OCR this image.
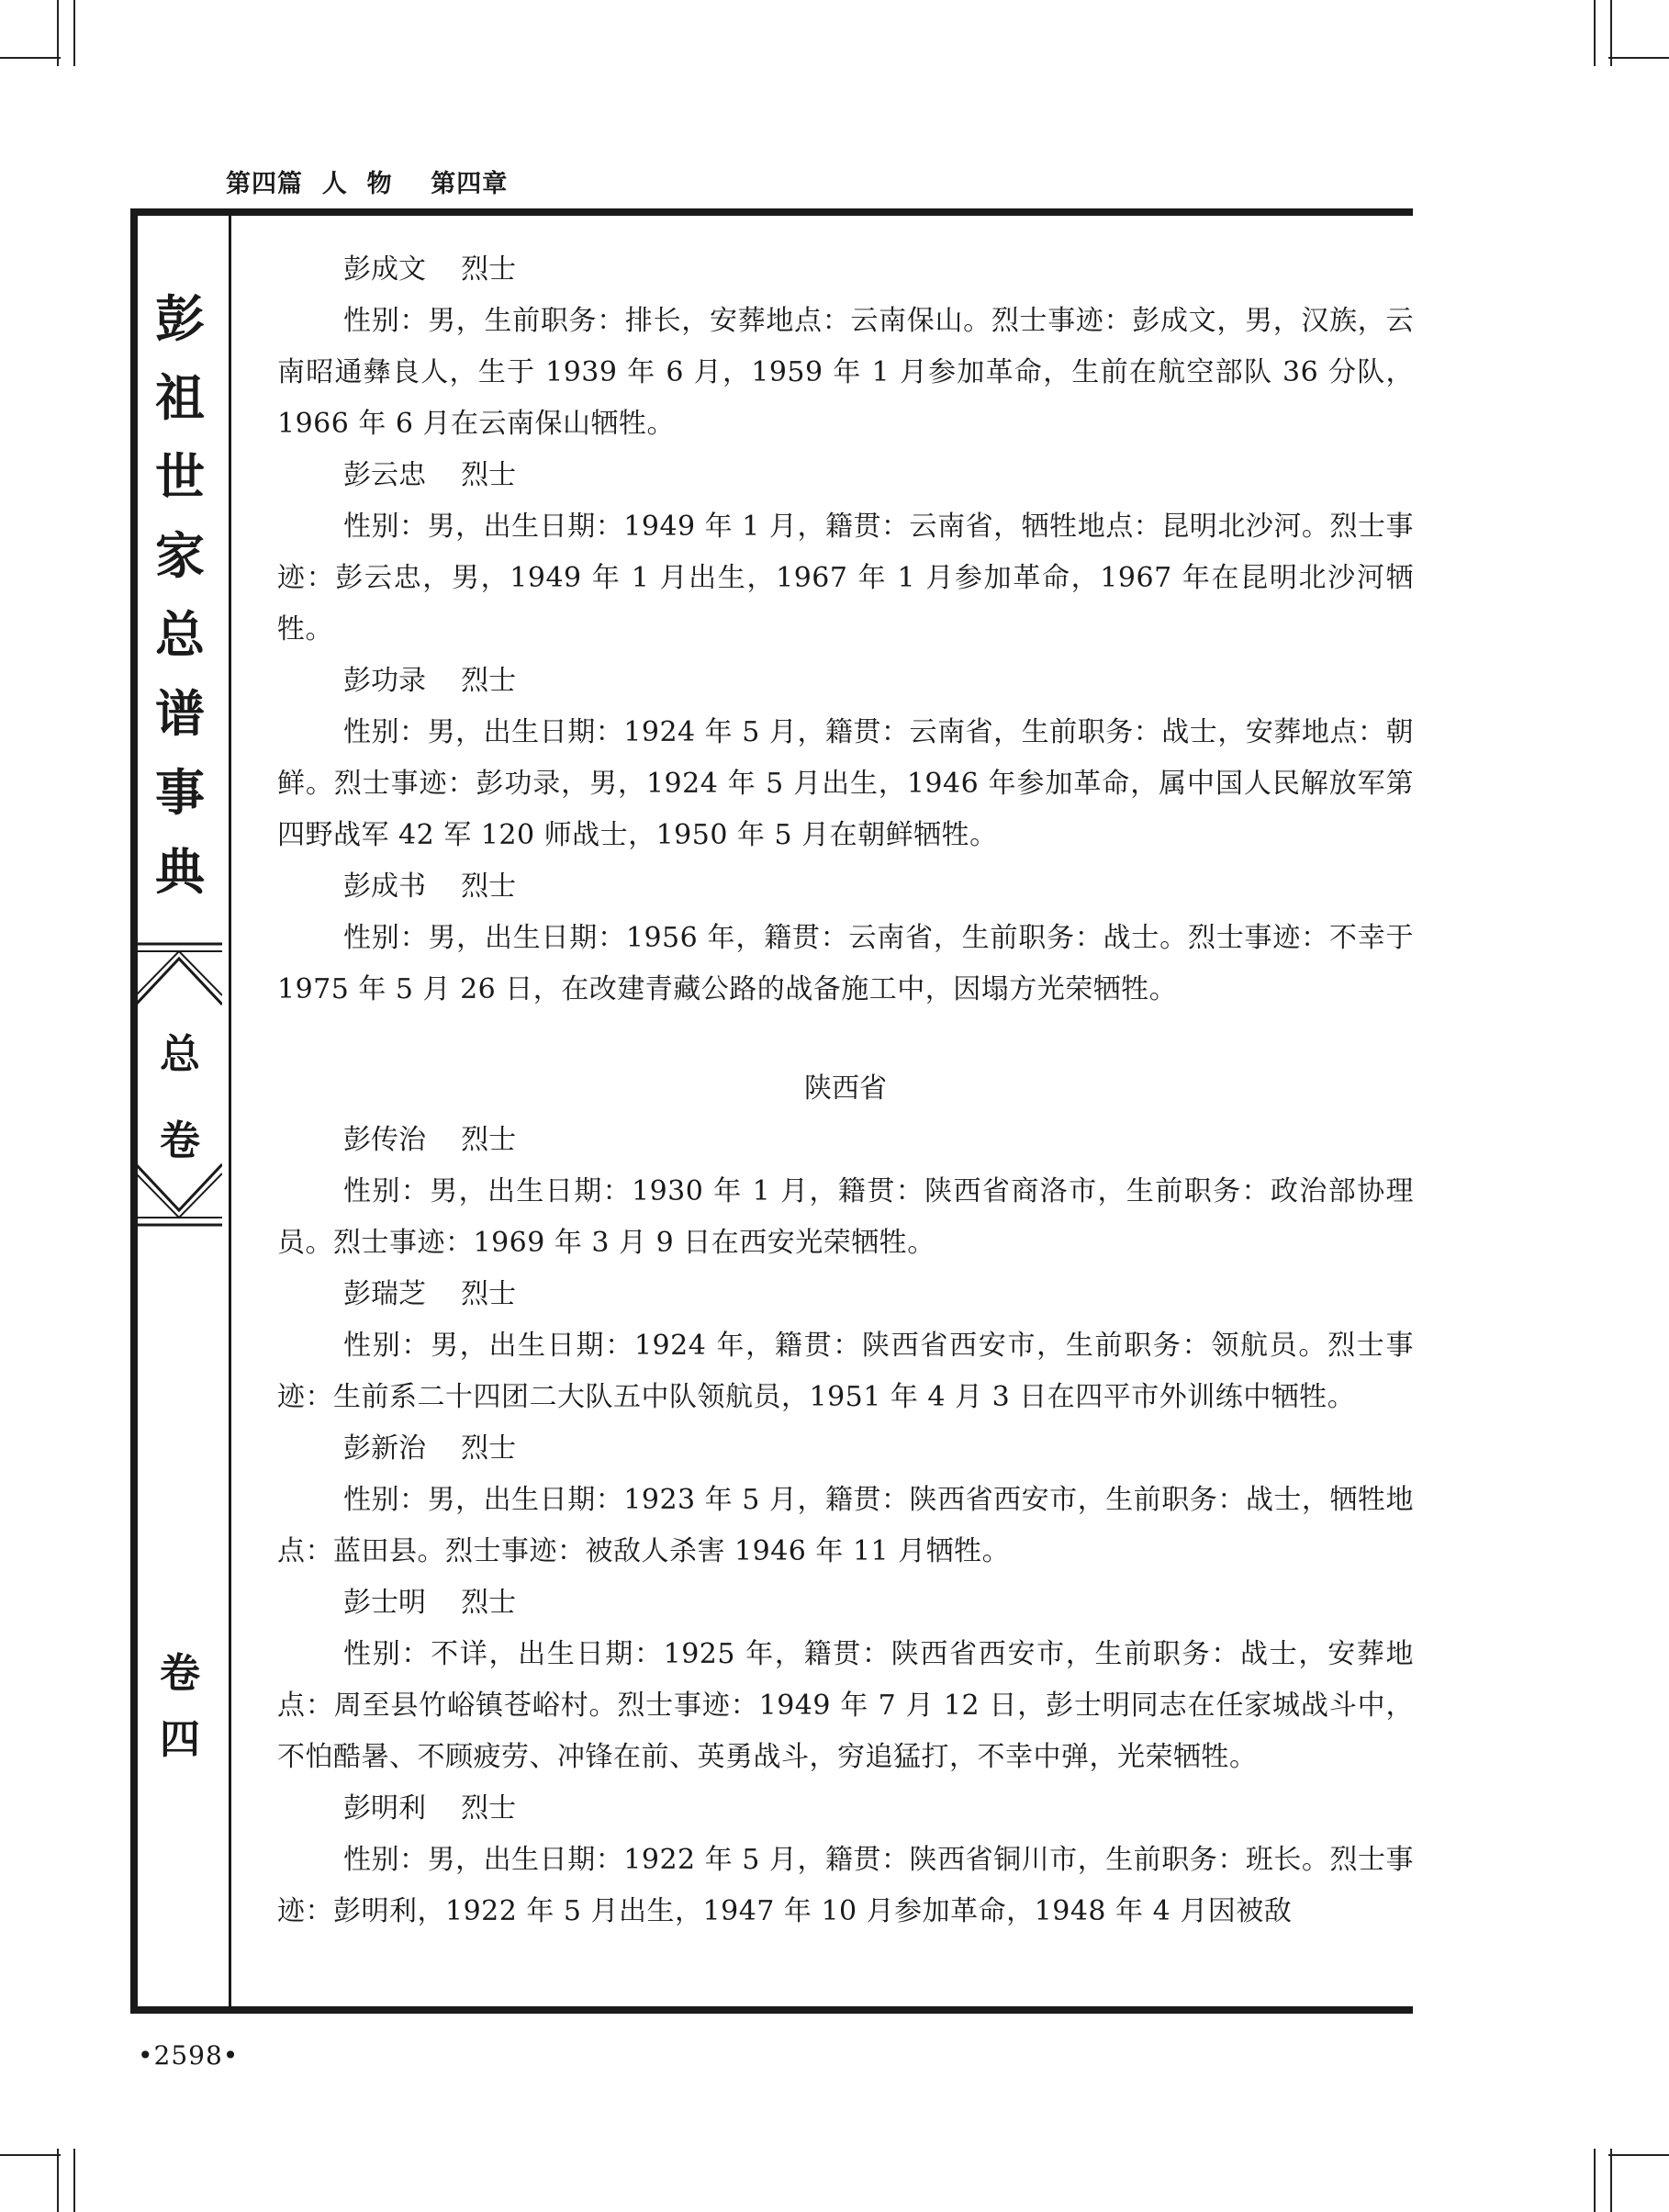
第四篇  人  物    第四章
彭
祖
世
家
总
谱
事
典
总
卷
卷
四
彭成文    烈士
性别：男，生前职务：排长，安葬地点：云南保山。烈士事迹：彭成文，男，汉族，云南昭通彝良人，生于 1939 年 6 月，1959 年 1 月参加革命，生前在航空部队 36 分队，1966 年 6 月在云南保山牺牲。
彭云忠    烈士
性别：男，出生日期：1949 年 1 月，籍贯：云南省，牺牲地点：昆明北沙河。烈士事迹：彭云忠，男，1949 年 1 月出生，1967 年 1 月参加革命，1967 年在昆明北沙河牺牲。
彭功录    烈士
性别：男，出生日期：1924 年 5 月，籍贯：云南省，生前职务：战士，安葬地点：朝鲜。烈士事迹：彭功录，男，1924 年 5 月出生，1946 年参加革命，属中国人民解放军第四野战军 42 军 120 师战士，1950 年 5 月在朝鲜牺牲。
彭成书    烈士
性别：男，出生日期：1956 年，籍贯：云南省，生前职务：战士。烈士事迹：不幸于 1975 年 5 月 26 日，在改建青藏公路的战备施工中，因塌方光荣牺牲。
陕西省
彭传治    烈士
性别：男，出生日期：1930 年 1 月，籍贯：陕西省商洛市，生前职务：政治部协理员。烈士事迹：1969 年 3 月 9 日在西安光荣牺牲。
彭瑞芝    烈士
性别：男，出生日期：1924 年，籍贯：陕西省西安市，生前职务：领航员。烈士事迹：生前系二十四团二大队五中队领航员，1951 年 4 月 3 日在四平市外训练中牺牲。
彭新治    烈士
性别：男，出生日期：1923 年 5 月，籍贯：陕西省西安市，生前职务：战士，牺牲地点：蓝田县。烈士事迹：被敌人杀害 1946 年 11 月牺牲。
彭士明    烈士
性别：不详，出生日期：1925 年，籍贯：陕西省西安市，生前职务：战士，安葬地点：周至县竹峪镇苍峪村。烈士事迹：1949 年 7 月 12 日，彭士明同志在任家城战斗中，不怕酷暑、不顾疲劳、冲锋在前、英勇战斗，穷追猛打，不幸中弹，光荣牺牲。
彭明利    烈士
性别：男，出生日期：1922 年 5 月，籍贯：陕西省铜川市，生前职务：班长。烈士事迹：彭明利，1922 年 5 月出生，1947 年 10 月参加革命，1948 年 4 月因被敌
•2598•
